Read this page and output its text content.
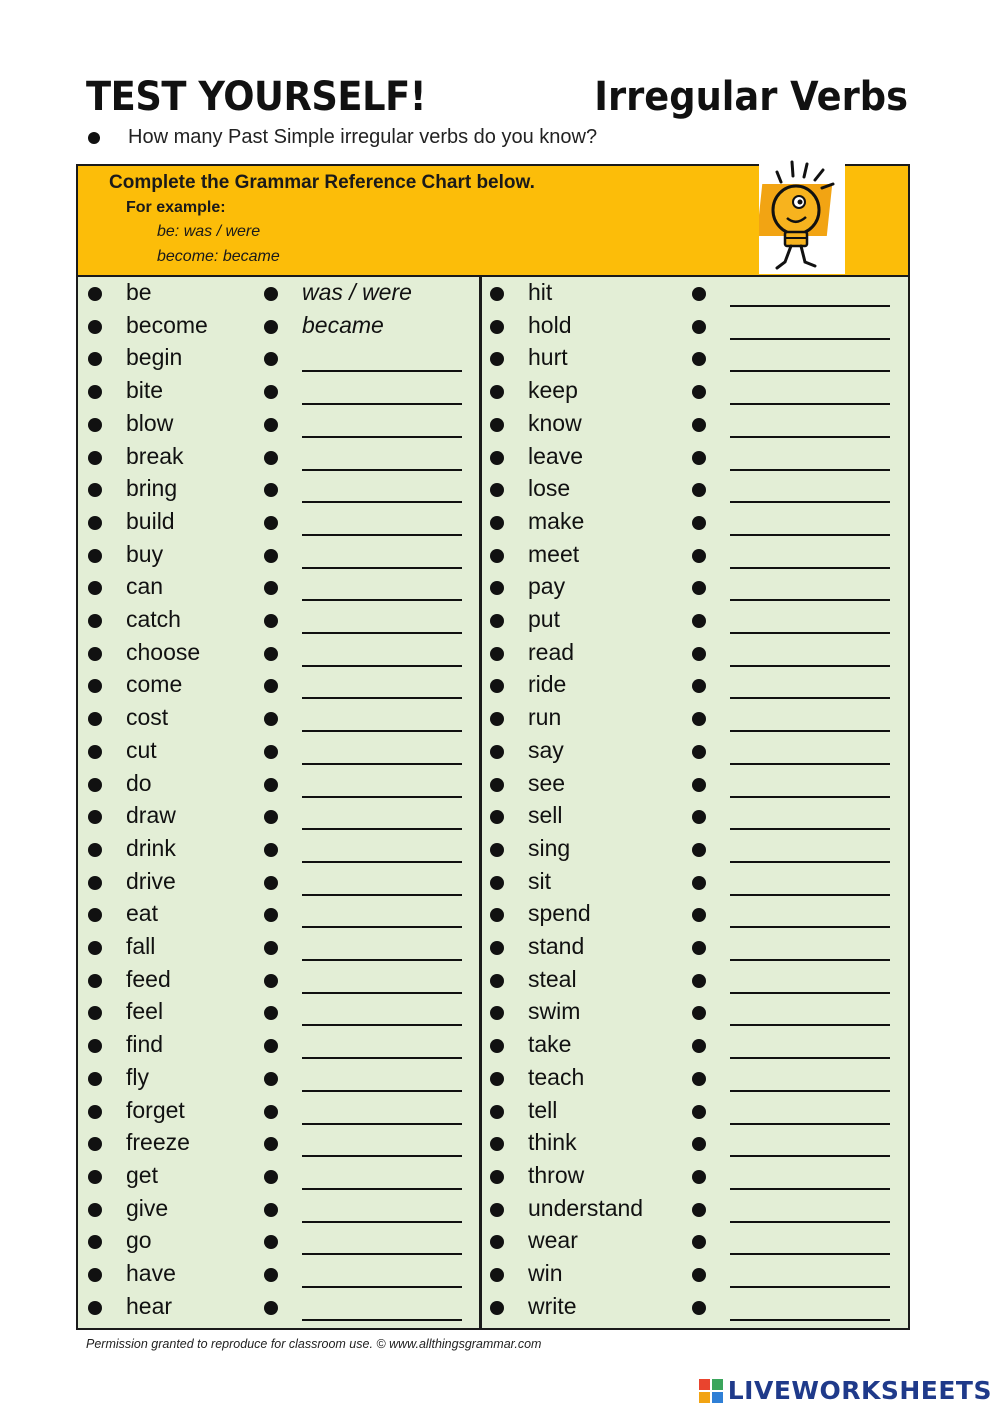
TEST YOURSELF!	Irregular Verbs
How many Past Simple irregular verbs do you know?
Complete the Grammar Reference Chart below.
For example:
be: was / were
become: became
be	was / were
become	became
begin
bite
blow
break
bring
build
buy
can
catch
choose
come
cost
cut
do
draw
drink
drive
eat
fall
feed
feel
find
fly
forget
freeze
get
give
go
have
hear
hit
hold
hurt
keep
know
leave
lose
make
meet
pay
put
read
ride
run
say
see
sell
sing
sit
spend
stand
steal
swim
take
teach
tell
think
throw
understand
wear
win
write
Permission granted to reproduce for classroom use. © www.allthingsgrammar.com
LIVEWORKSHEETS
